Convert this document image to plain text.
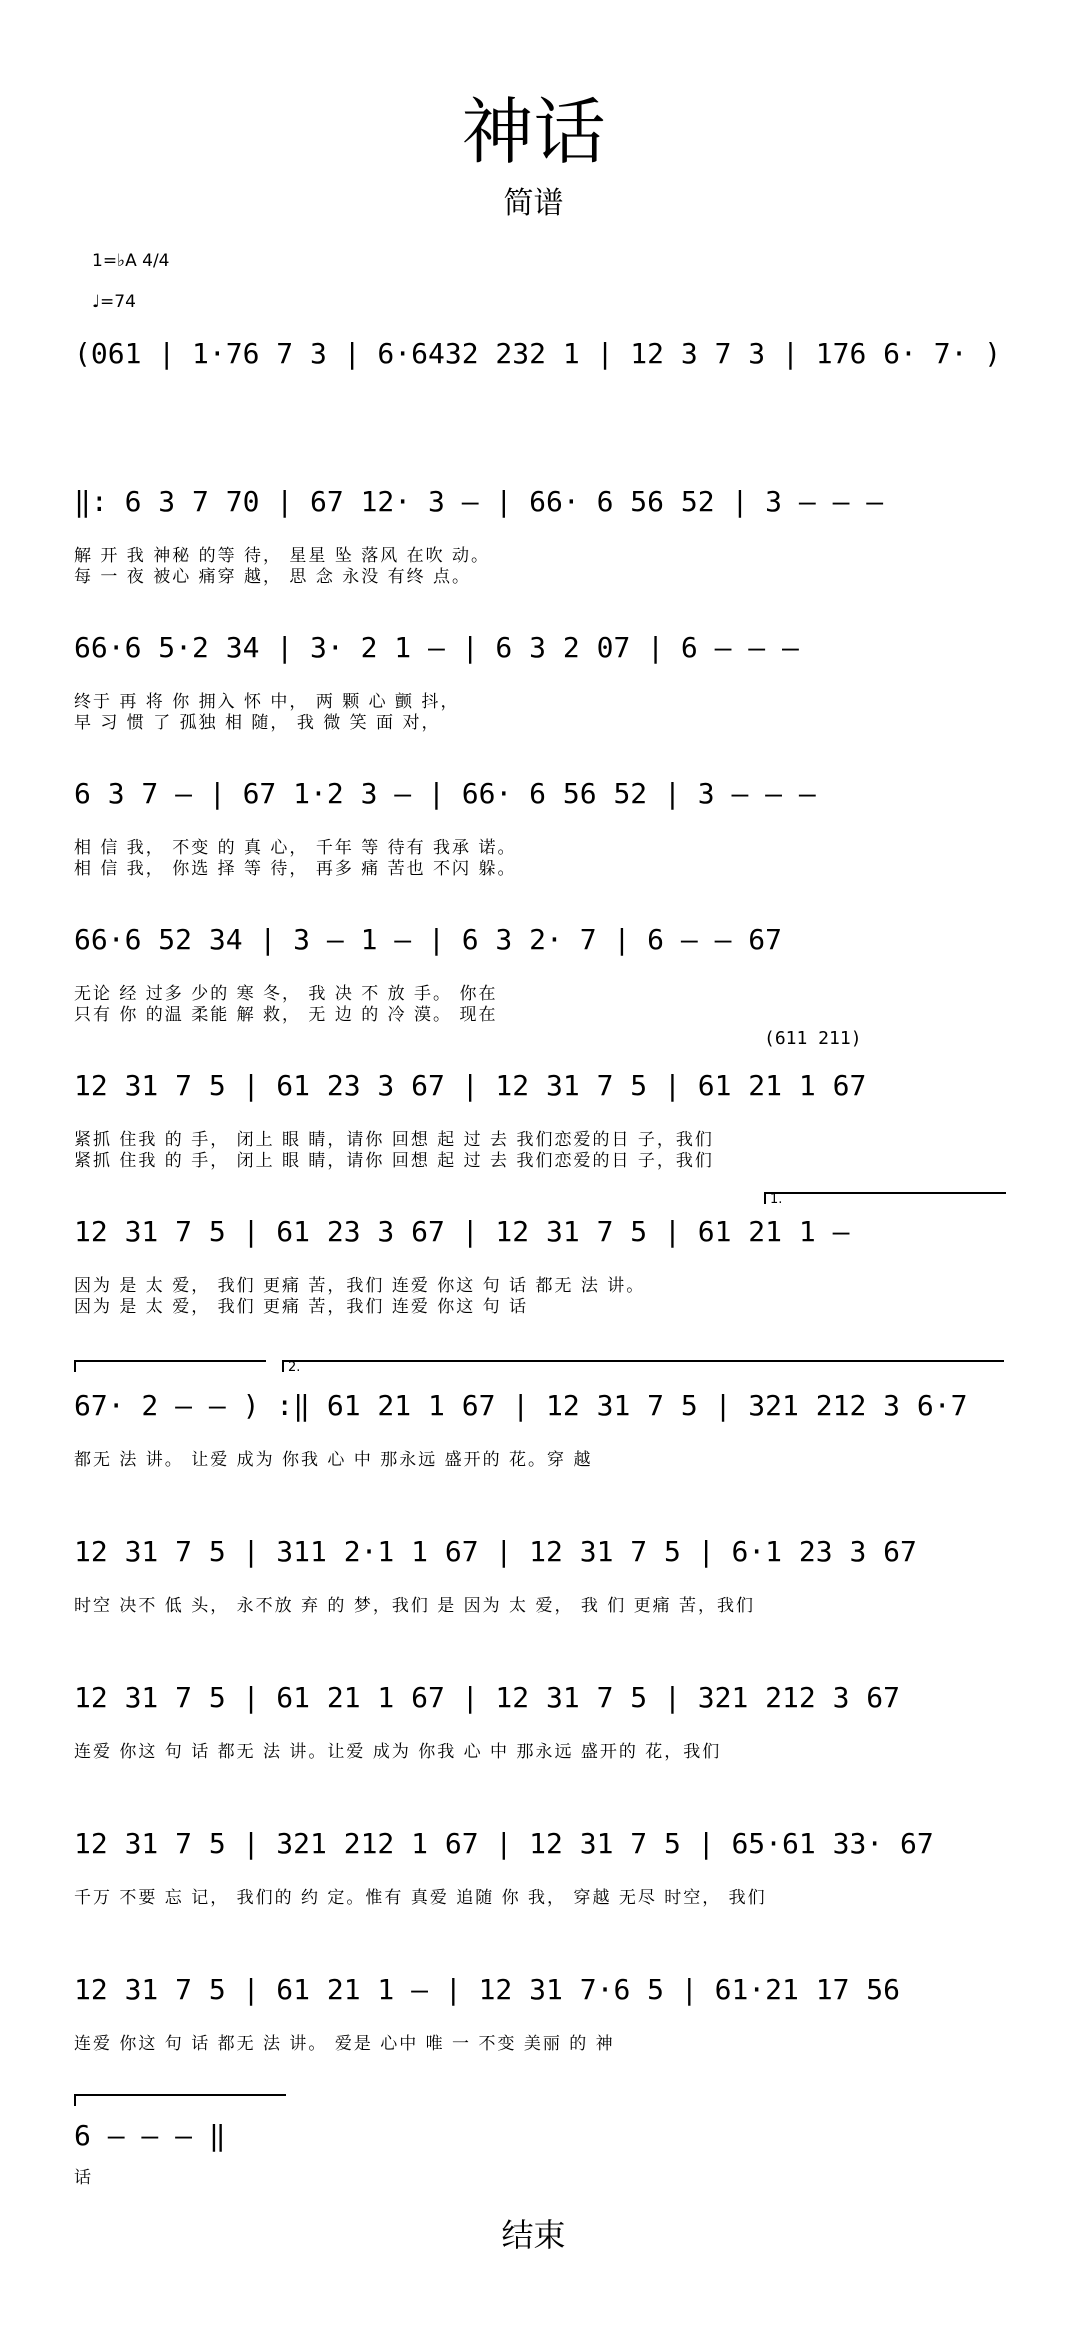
神话
简谱
1=♭A 4/4
♩=74
(061 | 1·76 7 3 | 6·6432 232 1 | 12 3 7 3 | 176 6· 7· )
‖: 6 3 7 70 | 67 12· 3 – | 66· 6 56 52 | 3 – – –
解 开 我 神秘 的等 待， 星星 坠 落风 在吹 动。
每 一 夜 被心 痛穿 越， 思 念 永没 有终 点。
66·6 5·2 34 | 3· 2 1 – | 6 3 2 07 | 6 – – –
终于 再 将 你 拥入 怀 中， 两 颗 心 颤 抖，
早 习 惯 了 孤独 相 随， 我 微 笑 面 对，
6 3 7 – | 67 1·2 3 – | 66· 6 56 52 | 3 – – –
相 信 我， 不变 的 真 心， 千年 等 待有 我承 诺。
相 信 我， 你选 择 等 待， 再多 痛 苦也 不闪 躲。
66·6 52 34 | 3 – 1 – | 6 3 2· 7 | 6 – – 67
无论 经 过多 少的 寒 冬， 我 决 不 放 手。 你在
只有 你 的温 柔能 解 救， 无 边 的 冷 漠。 现在
(611 211)
12 31 7 5 | 61 23 3 67 | 12 31 7 5 | 61 21 1 67
紧抓 住我 的 手， 闭上 眼 睛，请你 回想 起 过 去 我们恋爱的日 子，我们
紧抓 住我 的 手， 闭上 眼 睛，请你 回想 起 过 去 我们恋爱的日 子，我们
1.
12 31 7 5 | 61 23 3 67 | 12 31 7 5 | 61 21 1 –
因为 是 太 爱， 我们 更痛 苦，我们 连爱 你这 句 话 都无 法 讲。
因为 是 太 爱， 我们 更痛 苦，我们 连爱 你这 句 话
2.
67· 2 – – ) :‖ 61 21 1 67 | 12 31 7 5 | 321 212 3 6·7
都无 法 讲。 让爱 成为 你我 心 中 那永远 盛开的 花。穿 越
12 31 7 5 | 311 2·1 1 67 | 12 31 7 5 | 6·1 23 3 67
时空 决不 低 头， 永不放 弃 的 梦，我们 是 因为 太 爱， 我 们 更痛 苦，我们
12 31 7 5 | 61 21 1 67 | 12 31 7 5 | 321 212 3 67
连爱 你这 句 话 都无 法 讲。让爱 成为 你我 心 中 那永远 盛开的 花，我们
12 31 7 5 | 321 212 1 67 | 12 31 7 5 | 65·61 33· 67
千万 不要 忘 记， 我们的 约 定。惟有 真爱 追随 你 我， 穿越 无尽 时空， 我们
12 31 7 5 | 61 21 1 – | 12 31 7·6 5 | 61·21 17 56
连爱 你这 句 话 都无 法 讲。 爱是 心中 唯 一 不变 美丽 的 神
6 – – – ‖
话
结束
